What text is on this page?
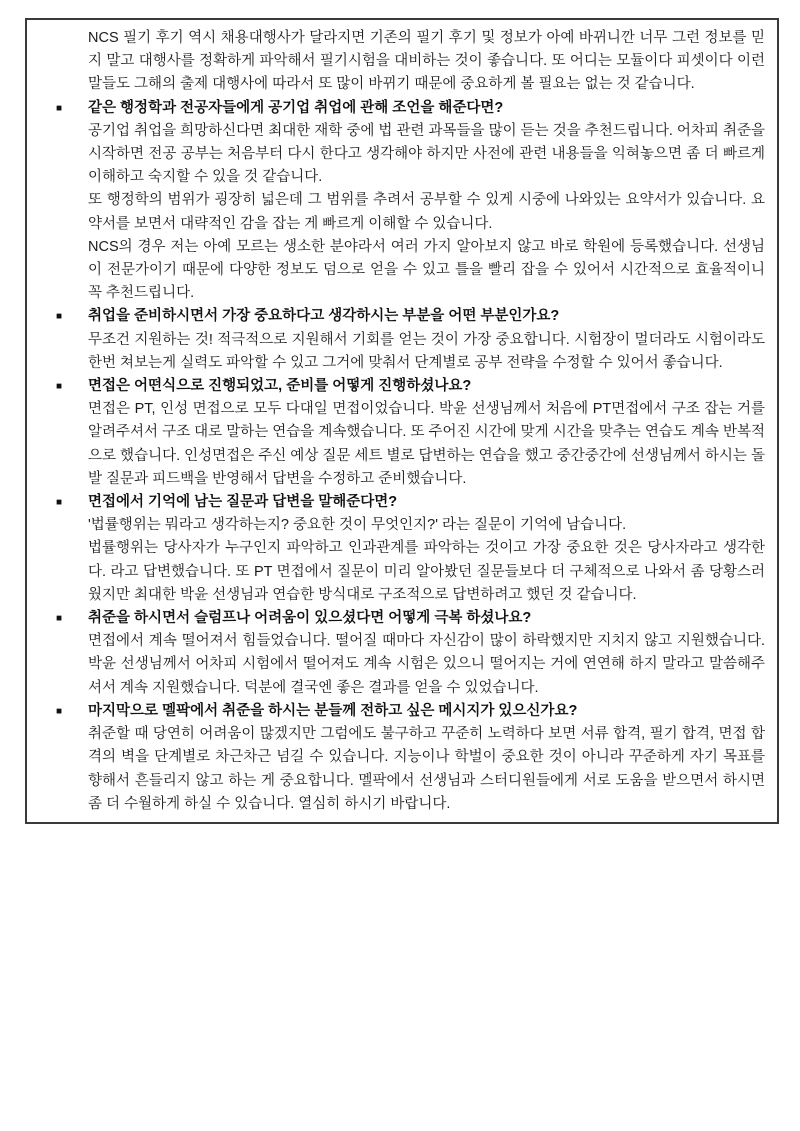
NCS 필기 후기 역시 채용대행사가 달라지면 기존의 필기 후기 및 정보가 아예 바뀌니깐 너무 그런 정보를 믿지 말고 대행사를 정확하게 파악해서 필기시험을 대비하는 것이 좋습니다. 또 어디는 모듈이다 피셋이다 이런 말들도 그해의 출제 대행사에 따라서 또 많이 바뀌기 때문에 중요하게 볼 필요는 없는 것 같습니다.

■	같은 행정학과 전공자들에게 공기업 취업에 관해 조언을 해준다면?

공기업 취업을 희망하신다면 최대한 재학 중에 법 관련 과목들을 많이 듣는 것을 추천드립니다. 어차피 취준을 시작하면 전공 공부는 처음부터 다시 한다고 생각해야 하지만 사전에 관련 내용들을 익혀놓으면 좀 더 빠르게 이해하고 숙지할 수 있을 것 같습니다.

또 행정학의 범위가 굉장히 넓은데 그 범위를 추려서 공부할 수 있게 시중에 나와있는 요약서가 있습니다. 요약서를 보면서 대략적인 감을 잡는 게 빠르게 이해할 수 있습니다.

NCS의 경우 저는 아예 모르는 생소한 분야라서 여러 가지 알아보지 않고 바로 학원에 등록했습니다. 선생님이 전문가이기 때문에 다양한 정보도 덤으로 얻을 수 있고 틀을 빨리 잡을 수 있어서 시간적으로 효율적이니 꼭 추천드립니다.

■	취업을 준비하시면서 가장 중요하다고 생각하시는 부분을 어떤 부분인가요?

무조건 지원하는 것! 적극적으로 지원해서 기회를 얻는 것이 가장 중요합니다. 시험장이 멀더라도 시험이라도 한번 쳐보는게 실력도 파악할 수 있고 그거에 맞춰서 단계별로 공부 전략을 수정할 수 있어서 좋습니다.

■	면접은 어떤식으로 진행되었고, 준비를 어떻게 진행하셨나요?

면접은 PT, 인성 면접으로 모두 다대일 면접이었습니다. 박윤 선생님께서 처음에 PT면접에서 구조 잡는 거를 알려주셔서 구조 대로 말하는 연습을 계속했습니다. 또 주어진 시간에 맞게 시간을 맞추는 연습도 계속 반복적으로 했습니다. 인성면접은 주신 예상 질문 세트 별로 답변하는 연습을 했고 중간중간에 선생님께서 하시는 돌발 질문과 피드백을 반영해서 답변을 수정하고 준비했습니다.

■	면접에서 기억에 남는 질문과 답변을 말해준다면?

'법률행위는 뭐라고 생각하는지? 중요한 것이 무엇인지?' 라는 질문이 기억에 남습니다.

법률행위는 당사자가 누구인지 파악하고 인과관계를 파악하는 것이고 가장 중요한 것은 당사자라고 생각한다. 라고 답변했습니다. 또 PT 면접에서 질문이 미리 알아봤던 질문들보다 더 구체적으로 나와서 좀 당황스러웠지만 최대한 박윤 선생님과 연습한 방식대로 구조적으로 답변하려고 했던 것 같습니다.

■	취준을 하시면서 슬럼프나 어려움이 있으셨다면 어떻게 극복 하셨나요?

면접에서 계속 떨어져서 힘들었습니다. 떨어질 때마다 자신감이 많이 하락했지만 지치지 않고 지원했습니다. 박윤 선생님께서 어차피 시험에서 떨어져도 계속 시험은 있으니 떨어지는 거에 연연해 하지 말라고 말씀해주셔서 계속 지원했습니다. 덕분에 결국엔 좋은 결과를 얻을 수 있었습니다.

■	마지막으로 멜팍에서 취준을 하시는 분들께 전하고 싶은 메시지가 있으신가요?

취준할 때 당연히 어려움이 많겠지만 그럼에도 불구하고 꾸준히 노력하다 보면 서류 합격, 필기 합격, 면접 합격의 벽을 단계별로 차근차근 넘길 수 있습니다. 지능이나 학벌이 중요한 것이 아니라 꾸준하게 자기 목표를 향해서 흔들리지 않고 하는 게 중요합니다. 멜팍에서 선생님과 스터디원들에게 서로 도움을 받으면서 하시면 좀 더 수월하게 하실 수 있습니다. 열심히 하시기 바랍니다.
